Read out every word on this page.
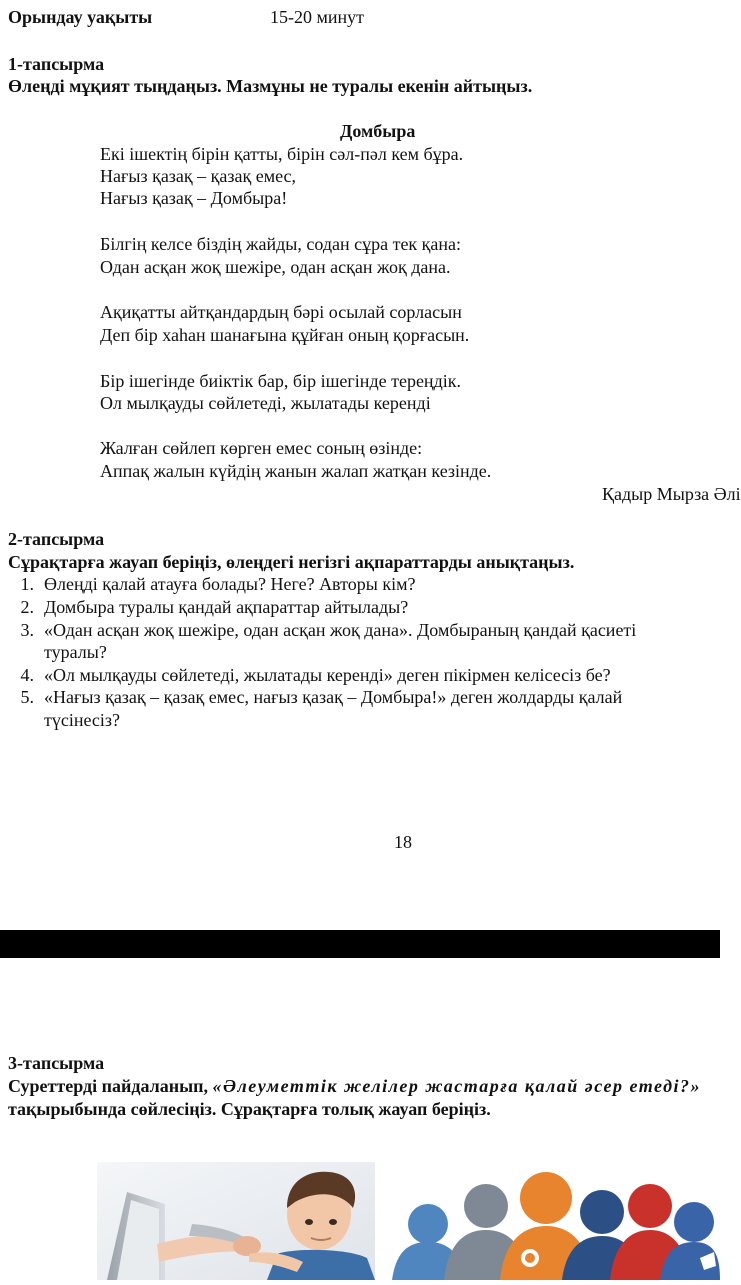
Орындау уақыты	15-20 минут
1-тапсырма
Өлеңді мұқият тыңдаңыз. Мазмұны не туралы екенін айтыңыз.
Домбыра
Екі ішектің бірін қатты, бірін сәл-пәл кем бұра.
Нағыз қазақ – қазақ емес,
Нағыз қазақ – Домбыра!
Білгің келсе біздің жайды, содан сұра тек қана:
Одан асқан жоқ шежіре, одан асқан жоқ дана.
Ақиқатты айтқандардың бәрі осылай сорласын
Деп бір хаһан шанағына құйған оның қорғасын.
Бір ішегінде биіктік бар, бір ішегінде тереңдік.
Ол мылқауды сөйлетеді, жылатады керенді
Жалған сөйлеп көрген емес соның өзінде:
Аппақ жалын күйдің жанын жалап жатқан кезінде.
Қадыр Мырза Әлі
2-тапсырма
Сұрақтарға жауап беріңіз, өлеңдегі негізгі ақпараттарды анықтаңыз.
1. Өлеңді қалай атауға болады? Неге? Авторы кім?
2. Домбыра туралы қандай ақпараттар айтылады?
3. «Одан асқан жоқ шежіре, одан асқан жоқ дана». Домбыраның қандай қасиеті
туралы?
4. «Ол мылқауды сөйлетеді, жылатады керенді» деген пікірмен келісесіз бе?
5. «Нағыз қазақ – қазақ емес, нағыз қазақ – Домбыра!» деген жолдарды қалай
түсінесіз?
18
3-тапсырма
Суреттерді пайдаланып, «Әлеуметтік желілер жастарға қалай әсер етеді?»
тақырыбында сөйлесіңіз. Сұрақтарға толық жауап беріңіз.
